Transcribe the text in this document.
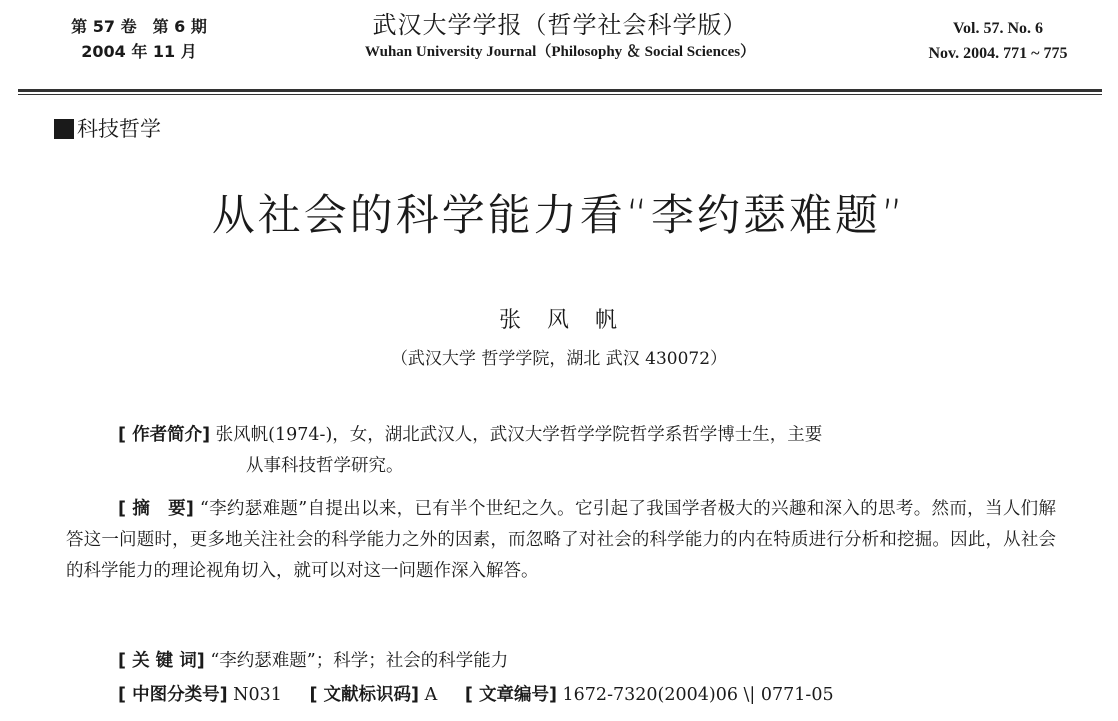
第 57 卷　第 6 期
2004 年 11 月
武汉大学学报（哲学社会科学版）
Wuhan University Journal（Philosophy ＆ Social Sciences）
Vol. 57. No. 6
Nov. 2004. 771 ~ 775
科技哲学
从社会的科学能力看“李约瑟难题”
张　风　帆
（武汉大学 哲学学院，湖北 武汉 430072）
[ 作者简介] 张风帆(1974-)，女，湖北武汉人，武汉大学哲学学院哲学系哲学博士生，主要
从事科技哲学研究。
[ 摘　要] “李约瑟难题”自提出以来，已有半个世纪之久。它引起了我国学者极大的兴趣和深入的思考。然而，当人们解答这一问题时，更多地关注社会的科学能力之外的因素，而忽略了对社会的科学能力的内在特质进行分析和挖掘。因此，从社会的科学能力的理论视角切入，就可以对这一问题作深入解答。
[ 关 键 词] “李约瑟难题”；科学；社会的科学能力
[ 中图分类号] N031 [ 文献标识码] A [ 文章编号] 1672-7320(2004)06 \| 0771-05
